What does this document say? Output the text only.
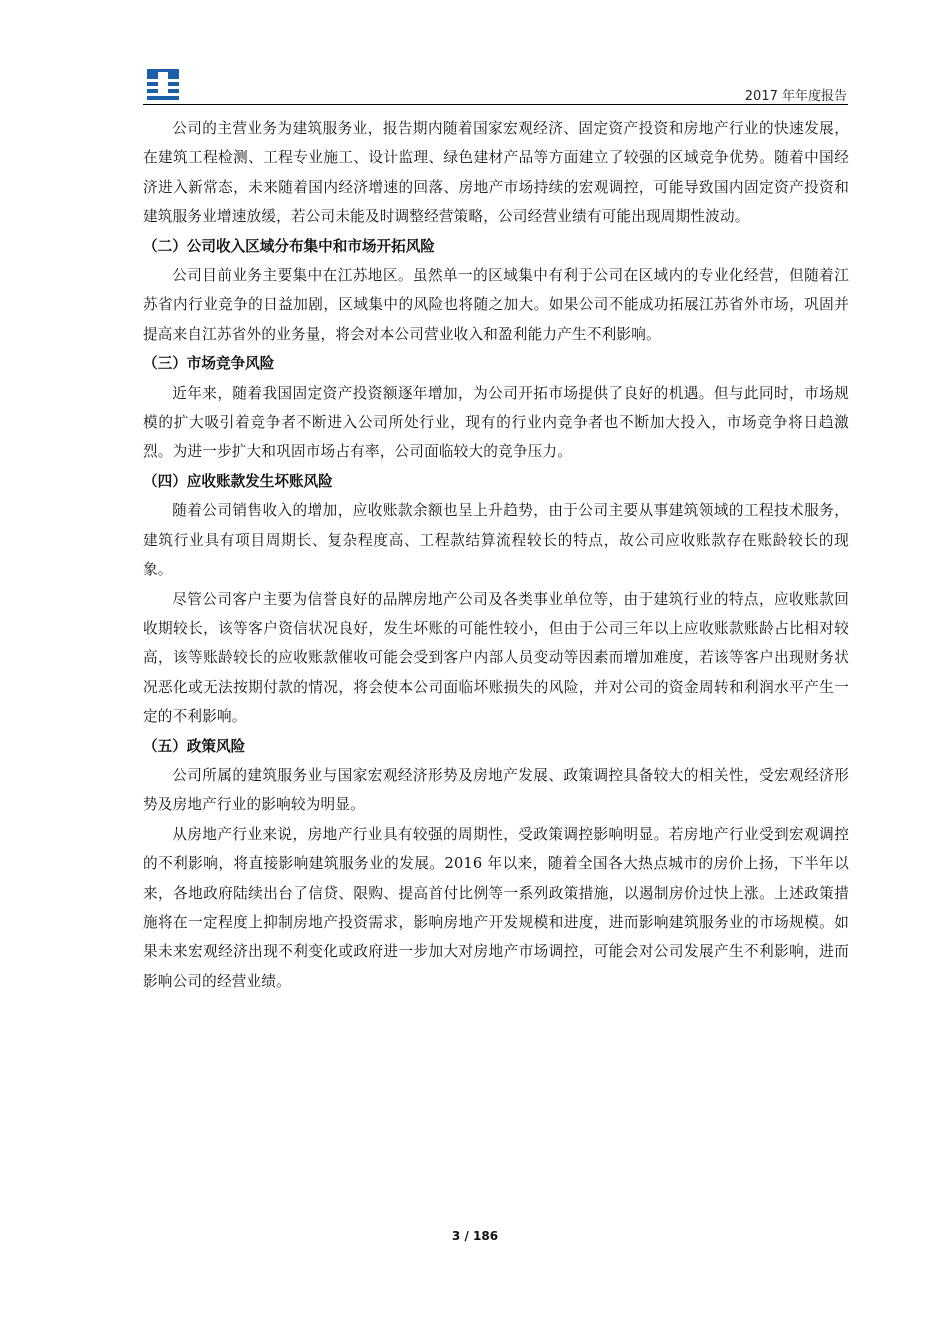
2017 年年度报告

公司的主营业务为建筑服务业，报告期内随着国家宏观经济、固定资产投资和房地产行业的快速发展，在建筑工程检测、工程专业施工、设计监理、绿色建材产品等方面建立了较强的区域竞争优势。随着中国经济进入新常态，未来随着国内经济增速的回落、房地产市场持续的宏观调控，可能导致国内固定资产投资和建筑服务业增速放缓，若公司未能及时调整经营策略，公司经营业绩有可能出现周期性波动。

（二）公司收入区域分布集中和市场开拓风险

公司目前业务主要集中在江苏地区。虽然单一的区域集中有利于公司在区域内的专业化经营，但随着江苏省内行业竞争的日益加剧，区域集中的风险也将随之加大。如果公司不能成功拓展江苏省外市场，巩固并提高来自江苏省外的业务量，将会对本公司营业收入和盈利能力产生不利影响。

（三）市场竞争风险

近年来，随着我国固定资产投资额逐年增加，为公司开拓市场提供了良好的机遇。但与此同时，市场规模的扩大吸引着竞争者不断进入公司所处行业，现有的行业内竞争者也不断加大投入，市场竞争将日趋激烈。为进一步扩大和巩固市场占有率，公司面临较大的竞争压力。

（四）应收账款发生坏账风险

随着公司销售收入的增加，应收账款余额也呈上升趋势，由于公司主要从事建筑领域的工程技术服务，建筑行业具有项目周期长、复杂程度高、工程款结算流程较长的特点，故公司应收账款存在账龄较长的现象。

尽管公司客户主要为信誉良好的品牌房地产公司及各类事业单位等，由于建筑行业的特点，应收账款回收期较长，该等客户资信状况良好，发生坏账的可能性较小，但由于公司三年以上应收账款账龄占比相对较高，该等账龄较长的应收账款催收可能会受到客户内部人员变动等因素而增加难度，若该等客户出现财务状况恶化或无法按期付款的情况，将会使本公司面临坏账损失的风险，并对公司的资金周转和利润水平产生一定的不利影响。

（五）政策风险

公司所属的建筑服务业与国家宏观经济形势及房地产发展、政策调控具备较大的相关性，受宏观经济形势及房地产行业的影响较为明显。

从房地产行业来说，房地产行业具有较强的周期性，受政策调控影响明显。若房地产行业受到宏观调控的不利影响，将直接影响建筑服务业的发展。2016 年以来，随着全国各大热点城市的房价上扬，下半年以来，各地政府陆续出台了信贷、限购、提高首付比例等一系列政策措施，以遏制房价过快上涨。上述政策措施将在一定程度上抑制房地产投资需求，影响房地产开发规模和进度，进而影响建筑服务业的市场规模。如果未来宏观经济出现不利变化或政府进一步加大对房地产市场调控，可能会对公司发展产生不利影响，进而影响公司的经营业绩。

3 / 186
